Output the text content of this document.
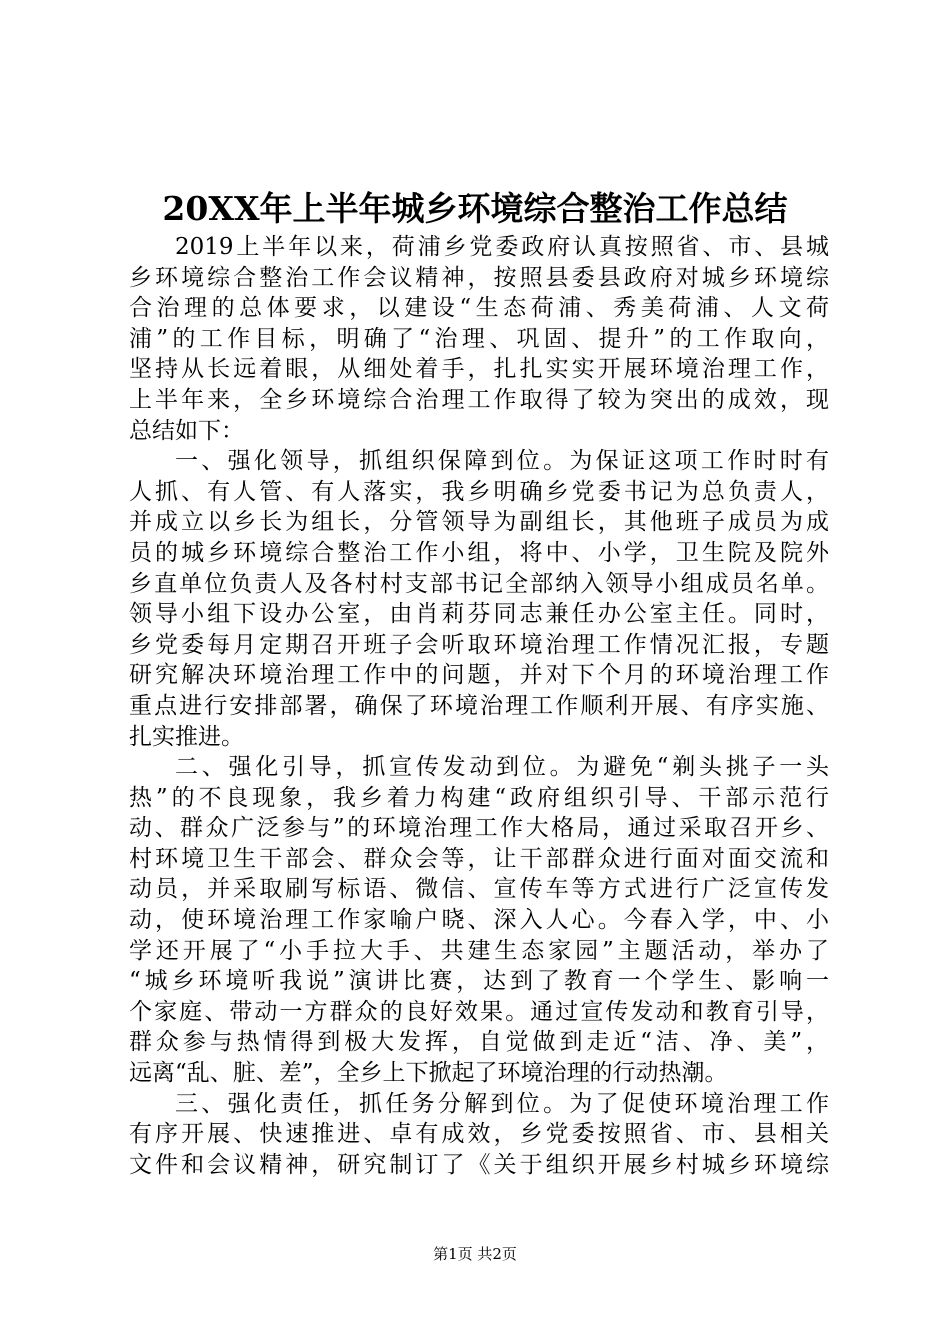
20XX年上半年城乡环境综合整治工作总结
2019上半年以来，荷浦乡党委政府认真按照省、市、县城
乡环境综合整治工作会议精神，按照县委县政府对城乡环境综
合治理的总体要求，以建设“生态荷浦、秀美荷浦、人文荷
浦”的工作目标，明确了“治理、巩固、提升”的工作取向，
坚持从长远着眼，从细处着手，扎扎实实开展环境治理工作，
上半年来，全乡环境综合治理工作取得了较为突出的成效，现
总结如下：
一、强化领导，抓组织保障到位。为保证这项工作时时有
人抓、有人管、有人落实，我乡明确乡党委书记为总负责人，
并成立以乡长为组长，分管领导为副组长，其他班子成员为成
员的城乡环境综合整治工作小组，将中、小学，卫生院及院外
乡直单位负责人及各村村支部书记全部纳入领导小组成员名单。
领导小组下设办公室，由肖莉芬同志兼任办公室主任。同时，
乡党委每月定期召开班子会听取环境治理工作情况汇报，专题
研究解决环境治理工作中的问题，并对下个月的环境治理工作
重点进行安排部署，确保了环境治理工作顺利开展、有序实施、
扎实推进。
二、强化引导，抓宣传发动到位。为避免“剃头挑子一头
热”的不良现象，我乡着力构建“政府组织引导、干部示范行
动、群众广泛参与”的环境治理工作大格局，通过采取召开乡、
村环境卫生干部会、群众会等，让干部群众进行面对面交流和
动员，并采取刷写标语、微信、宣传车等方式进行广泛宣传发
动，使环境治理工作家喻户晓、深入人心。今春入学，中、小
学还开展了“小手拉大手、共建生态家园”主题活动，举办了
“城乡环境听我说”演讲比赛，达到了教育一个学生、影响一
个家庭、带动一方群众的良好效果。通过宣传发动和教育引导，
群众参与热情得到极大发挥，自觉做到走近“洁、净、美”，
远离“乱、脏、差”，全乡上下掀起了环境治理的行动热潮。
三、强化责任，抓任务分解到位。为了促使环境治理工作
有序开展、快速推进、卓有成效，乡党委按照省、市、县相关
文件和会议精神，研究制订了《关于组织开展乡村城乡环境综
第1页 共2页
